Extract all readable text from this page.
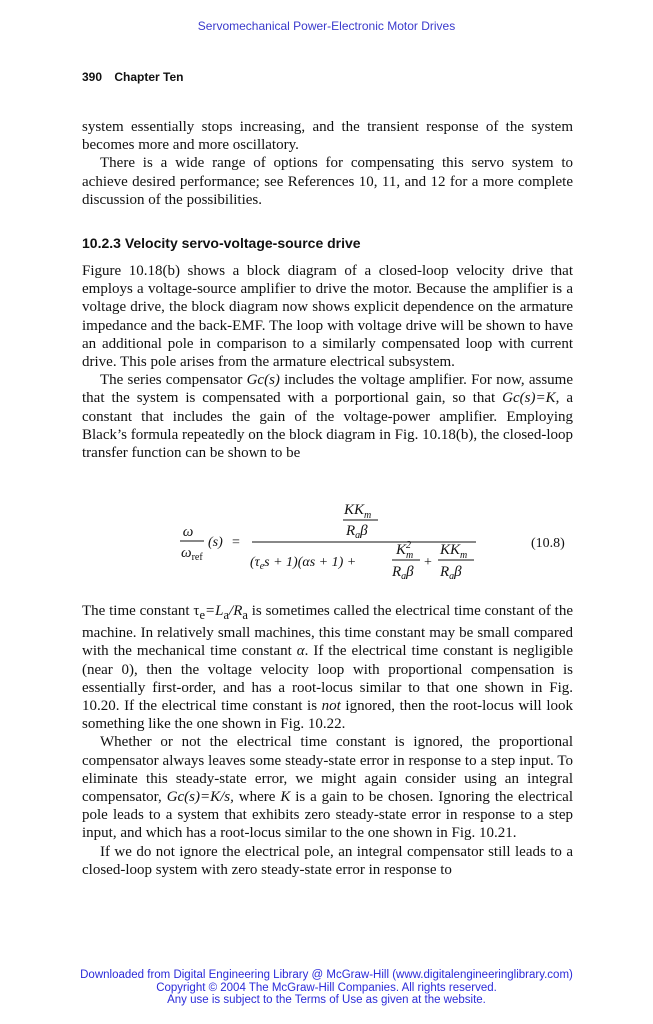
Servomechanical Power-Electronic Motor Drives
390 Chapter Ten

system essentially stops increasing, and the transient response of the system becomes more and more oscillatory.

There is a wide range of options for compensating this servo system to achieve desired performance; see References 10, 11, and 12 for a more complete discussion of the possibilities.

10.2.3 Velocity servo-voltage-source drive

Figure 10.18(b) shows a block diagram of a closed-loop velocity drive that employs a voltage-source amplifier to drive the motor. Because the amplifier is a voltage drive, the block diagram now shows explicit dependence on the armature impedance and the back-EMF. The loop with voltage drive will be shown to have an additional pole in comparison to a similarly compensated loop with current drive. This pole arises from the armature electrical subsystem.

The series compensator Gc(s) includes the voltage amplifier. For now, assume that the system is compensated with a porportional gain, so that Gc(s)=K, a constant that includes the gain of the voltage-power amplifier. Employing Black’s formula repeatedly on the block diagram in Fig. 10.18(b), the closed-loop transfer function can be shown to be

ω
$\omega_{ref}$
(s) =
$KK_m$
$R_a\beta$
$(\tau_es + 1)(\alpha s + 1)$ +
$K^2$ m
$R_a\beta$
+
$KK_m$
$R_a\beta$
(10.8)

The time constant $\tau_e=L_a/R_a$ is sometimes called the electrical time constant of the machine. In relatively small machines, this time constant may be small compared with the mechanical time constant α. If the electrical time constant is negligible (near 0), then the voltage velocity loop with proportional compensation is essentially first-order, and has a root-locus similar to that one shown in Fig. 10.20. If the electrical time constant is not ignored, then the root-locus will look something like the one shown in Fig. 10.22.

Whether or not the electrical time constant is ignored, the proportional compensator always leaves some steady-state error in response to a step input. To eliminate this steady-state error, we might again consider using an integral compensator, Gc(s)=K/s, where K is a gain to be chosen. Ignoring the electrical pole leads to a system that exhibits zero steady-state error in response to a step input, and which has a root-locus similar to the one shown in Fig. 10.21.

If we do not ignore the electrical pole, an integral compensator still leads to a closed-loop system with zero steady-state error in response to

Downloaded from Digital Engineering Library @ McGraw-Hill (www.digitalengineeringlibrary.com)
Copyright © 2004 The McGraw-Hill Companies. All rights reserved.
Any use is subject to the Terms of Use as given at the website.
